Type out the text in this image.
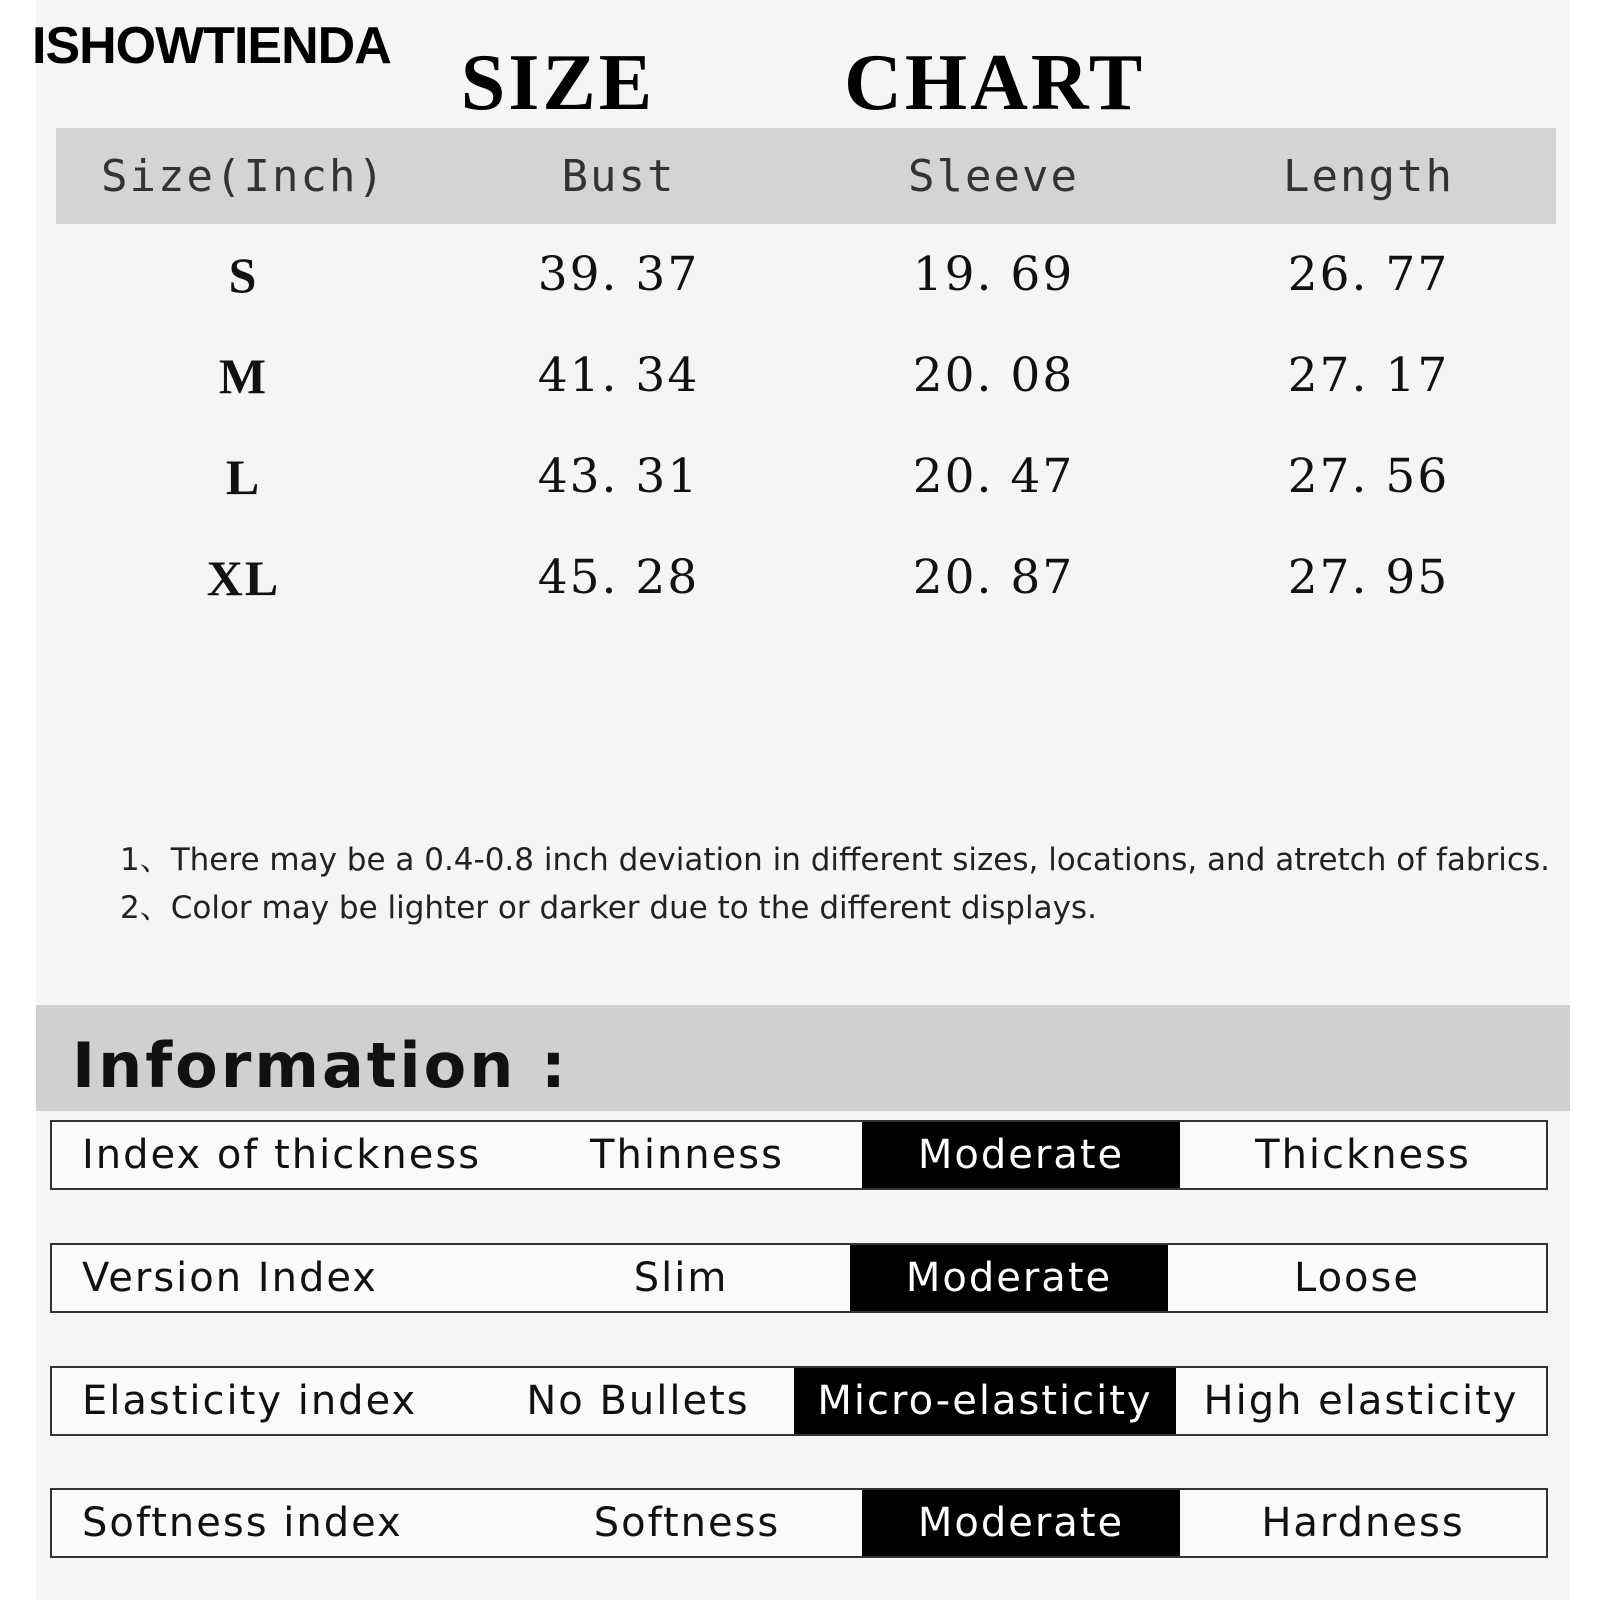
ISHOWTIENDA SIZE   CHART
Size(Inch)	Bust	Sleeve	Length
S	39. 37	19. 69	26. 77
M	41. 34	20. 08	27. 17
L	43. 31	20. 47	27. 56
XL	45. 28	20. 87	27. 95
1、There may be a 0.4-0.8 inch deviation in different sizes, locations, and atretch of fabrics.
2、Color may be lighter or darker due to the different displays.
Information :
Index of thickness	Thinness	Moderate	Thickness
Version Index	Slim	Moderate	Loose
Elasticity index	No Bullets	Micro-elasticity	High elasticity
Softness index	Softness	Moderate	Hardness
